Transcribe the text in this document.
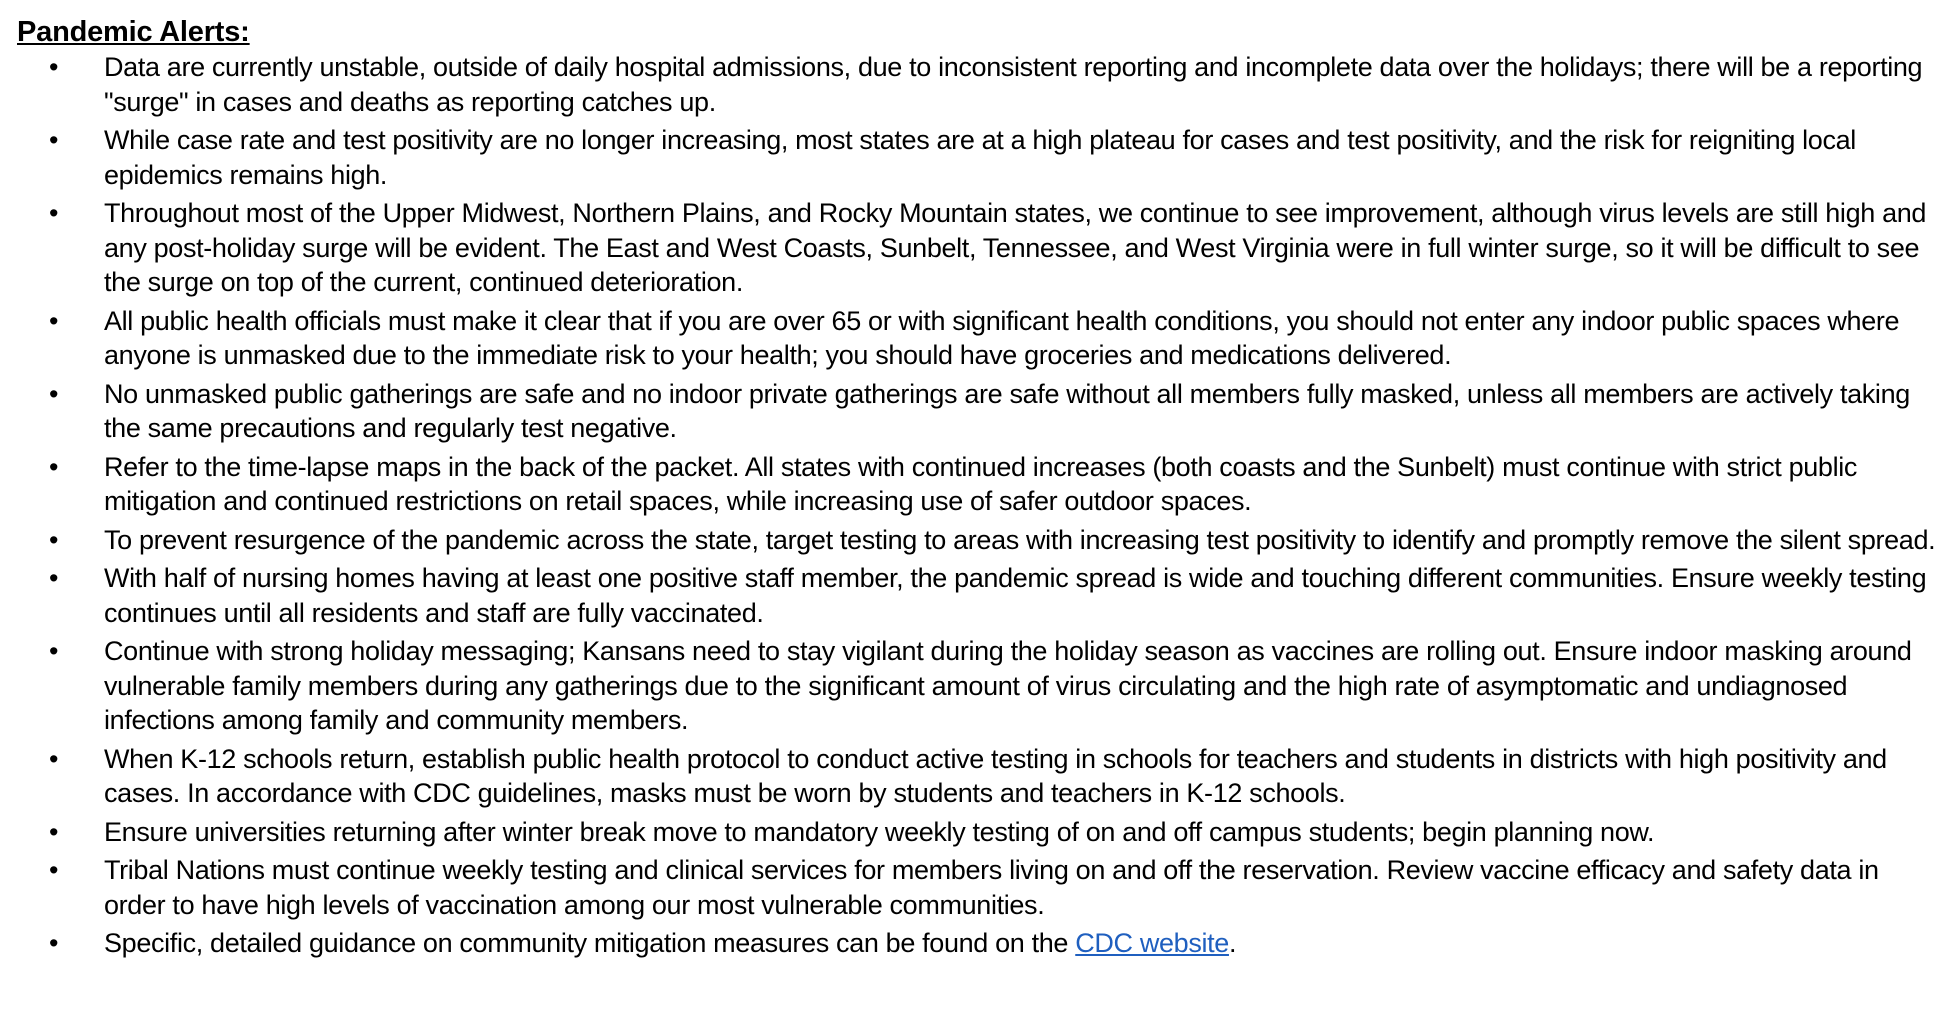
Pandemic Alerts:
• Data are currently unstable, outside of daily hospital admissions, due to inconsistent reporting and incomplete data over the holidays; there will be a reporting "surge" in cases and deaths as reporting catches up.
• While case rate and test positivity are no longer increasing, most states are at a high plateau for cases and test positivity, and the risk for reigniting local epidemics remains high.
• Throughout most of the Upper Midwest, Northern Plains, and Rocky Mountain states, we continue to see improvement, although virus levels are still high and any post-holiday surge will be evident. The East and West Coasts, Sunbelt, Tennessee, and West Virginia were in full winter surge, so it will be difficult to see the surge on top of the current, continued deterioration.
• All public health officials must make it clear that if you are over 65 or with significant health conditions, you should not enter any indoor public spaces where anyone is unmasked due to the immediate risk to your health; you should have groceries and medications delivered.
• No unmasked public gatherings are safe and no indoor private gatherings are safe without all members fully masked, unless all members are actively taking the same precautions and regularly test negative.
• Refer to the time-lapse maps in the back of the packet. All states with continued increases (both coasts and the Sunbelt) must continue with strict public mitigation and continued restrictions on retail spaces, while increasing use of safer outdoor spaces.
• To prevent resurgence of the pandemic across the state, target testing to areas with increasing test positivity to identify and promptly remove the silent spread.
• With half of nursing homes having at least one positive staff member, the pandemic spread is wide and touching different communities. Ensure weekly testing continues until all residents and staff are fully vaccinated.
• Continue with strong holiday messaging; Kansans need to stay vigilant during the holiday season as vaccines are rolling out. Ensure indoor masking around vulnerable family members during any gatherings due to the significant amount of virus circulating and the high rate of asymptomatic and undiagnosed infections among family and community members.
• When K-12 schools return, establish public health protocol to conduct active testing in schools for teachers and students in districts with high positivity and cases. In accordance with CDC guidelines, masks must be worn by students and teachers in K-12 schools.
• Ensure universities returning after winter break move to mandatory weekly testing of on and off campus students; begin planning now.
• Tribal Nations must continue weekly testing and clinical services for members living on and off the reservation. Review vaccine efficacy and safety data in order to have high levels of vaccination among our most vulnerable communities.
• Specific, detailed guidance on community mitigation measures can be found on the CDC website.
